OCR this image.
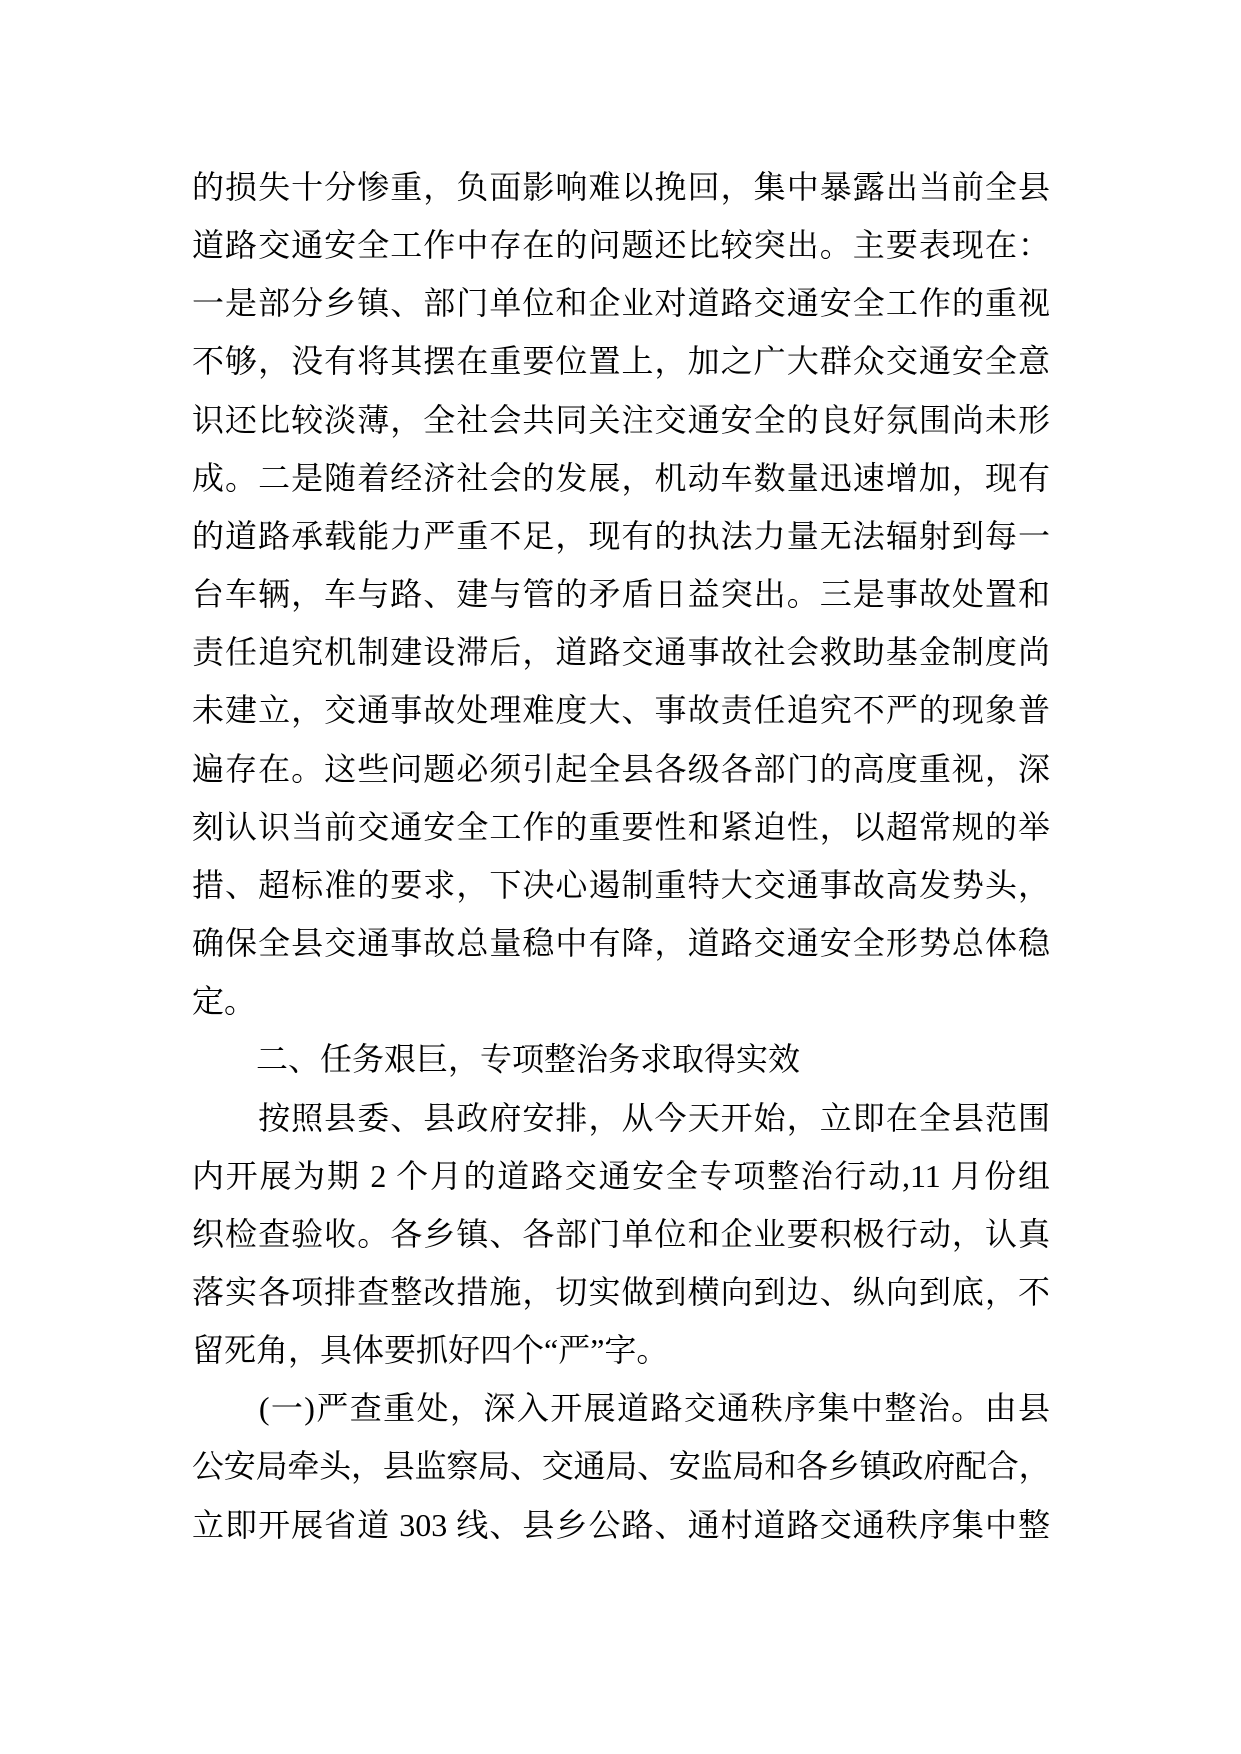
的损失十分惨重，负面影响难以挽回，集中暴露出当前全县
道路交通安全工作中存在的问题还比较突出。主要表现在：
一是部分乡镇、部门单位和企业对道路交通安全工作的重视
不够，没有将其摆在重要位置上，加之广大群众交通安全意
识还比较淡薄，全社会共同关注交通安全的良好氛围尚未形
成。二是随着经济社会的发展，机动车数量迅速增加，现有
的道路承载能力严重不足，现有的执法力量无法辐射到每一
台车辆，车与路、建与管的矛盾日益突出。三是事故处置和
责任追究机制建设滞后，道路交通事故社会救助基金制度尚
未建立，交通事故处理难度大、事故责任追究不严的现象普
遍存在。这些问题必须引起全县各级各部门的高度重视，深
刻认识当前交通安全工作的重要性和紧迫性，以超常规的举
措、超标准的要求，下决心遏制重特大交通事故高发势头，
确保全县交通事故总量稳中有降，道路交通安全形势总体稳
定。
　　二、任务艰巨，专项整治务求取得实效
　　按照县委、县政府安排，从今天开始，立即在全县范围
内开展为期 2 个月的道路交通安全专项整治行动,11 月份组
织检查验收。各乡镇、各部门单位和企业要积极行动，认真
落实各项排查整改措施，切实做到横向到边、纵向到底，不
留死角，具体要抓好四个“严”字。
　　(一)严查重处，深入开展道路交通秩序集中整治。由县
公安局牵头，县监察局、交通局、安监局和各乡镇政府配合，
立即开展省道 303 线、县乡公路、通村道路交通秩序集中整
